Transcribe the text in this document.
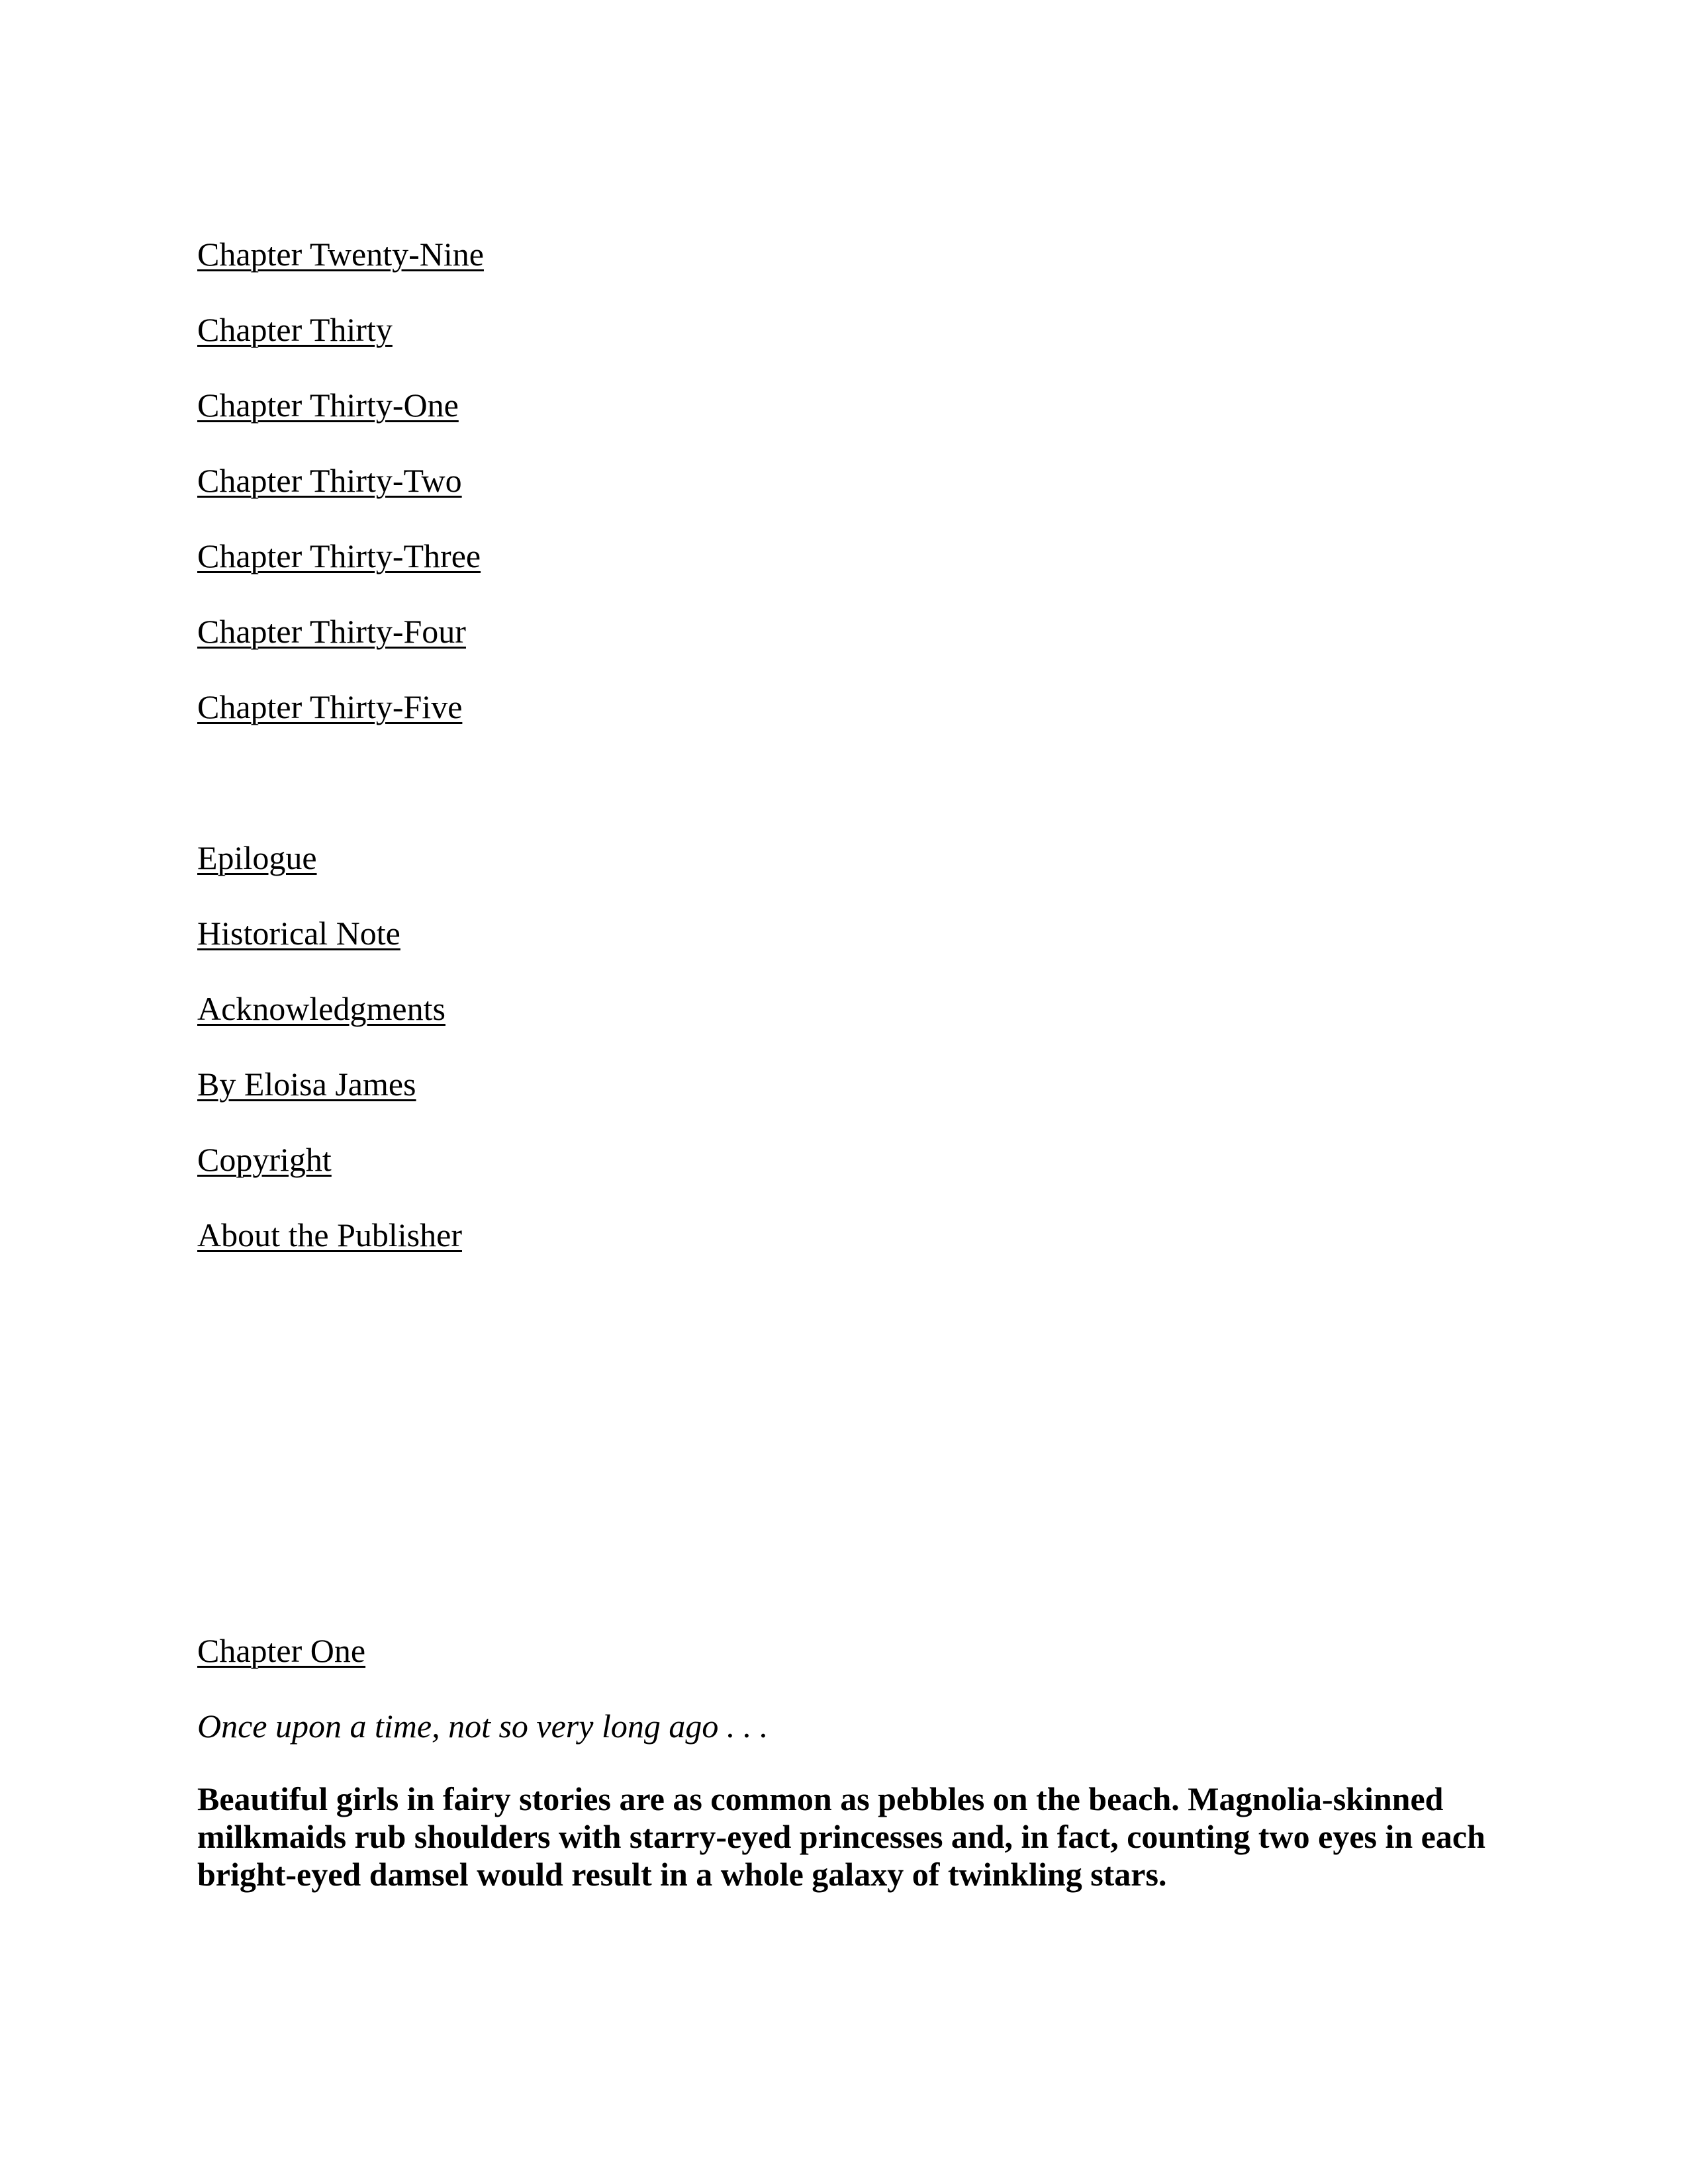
Chapter Twenty-Nine
Chapter Thirty
Chapter Thirty-One
Chapter Thirty-Two
Chapter Thirty-Three
Chapter Thirty-Four
Chapter Thirty-Five
Epilogue
Historical Note
Acknowledgments
By Eloisa James
Copyright
About the Publisher
Chapter One
Once upon a time, not so very long ago . . .

Beautiful girls in fairy stories are as common as pebbles on the beach. Magnolia-skinned milkmaids rub shoulders with starry-eyed princesses and, in fact, counting two eyes in each bright-eyed damsel would result in a whole galaxy of twinkling stars.
